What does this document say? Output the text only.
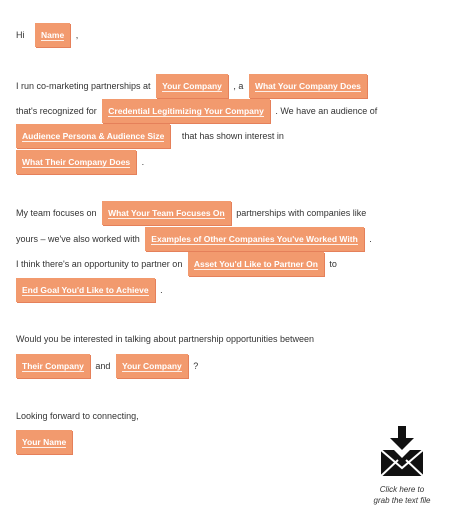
Hi Name ,
I run co-marketing partnerships at Your Company , a What Your Company Does
that's recognized for Credential Legitimizing Your Company . We have an audience of
Audience Persona & Audience Size that has shown interest in
What Their Company Does .
My team focuses on What Your Team Focuses On partnerships with companies like
yours – we've also worked with Examples of Other Companies You've Worked With .
I think there's an opportunity to partner on Asset You'd Like to Partner On to
End Goal You'd Like to Achieve .
Would you be interested in talking about partnership opportunities between
Their Company and Your Company ?
Looking forward to connecting,
Your Name
Click here to
grab the text file
